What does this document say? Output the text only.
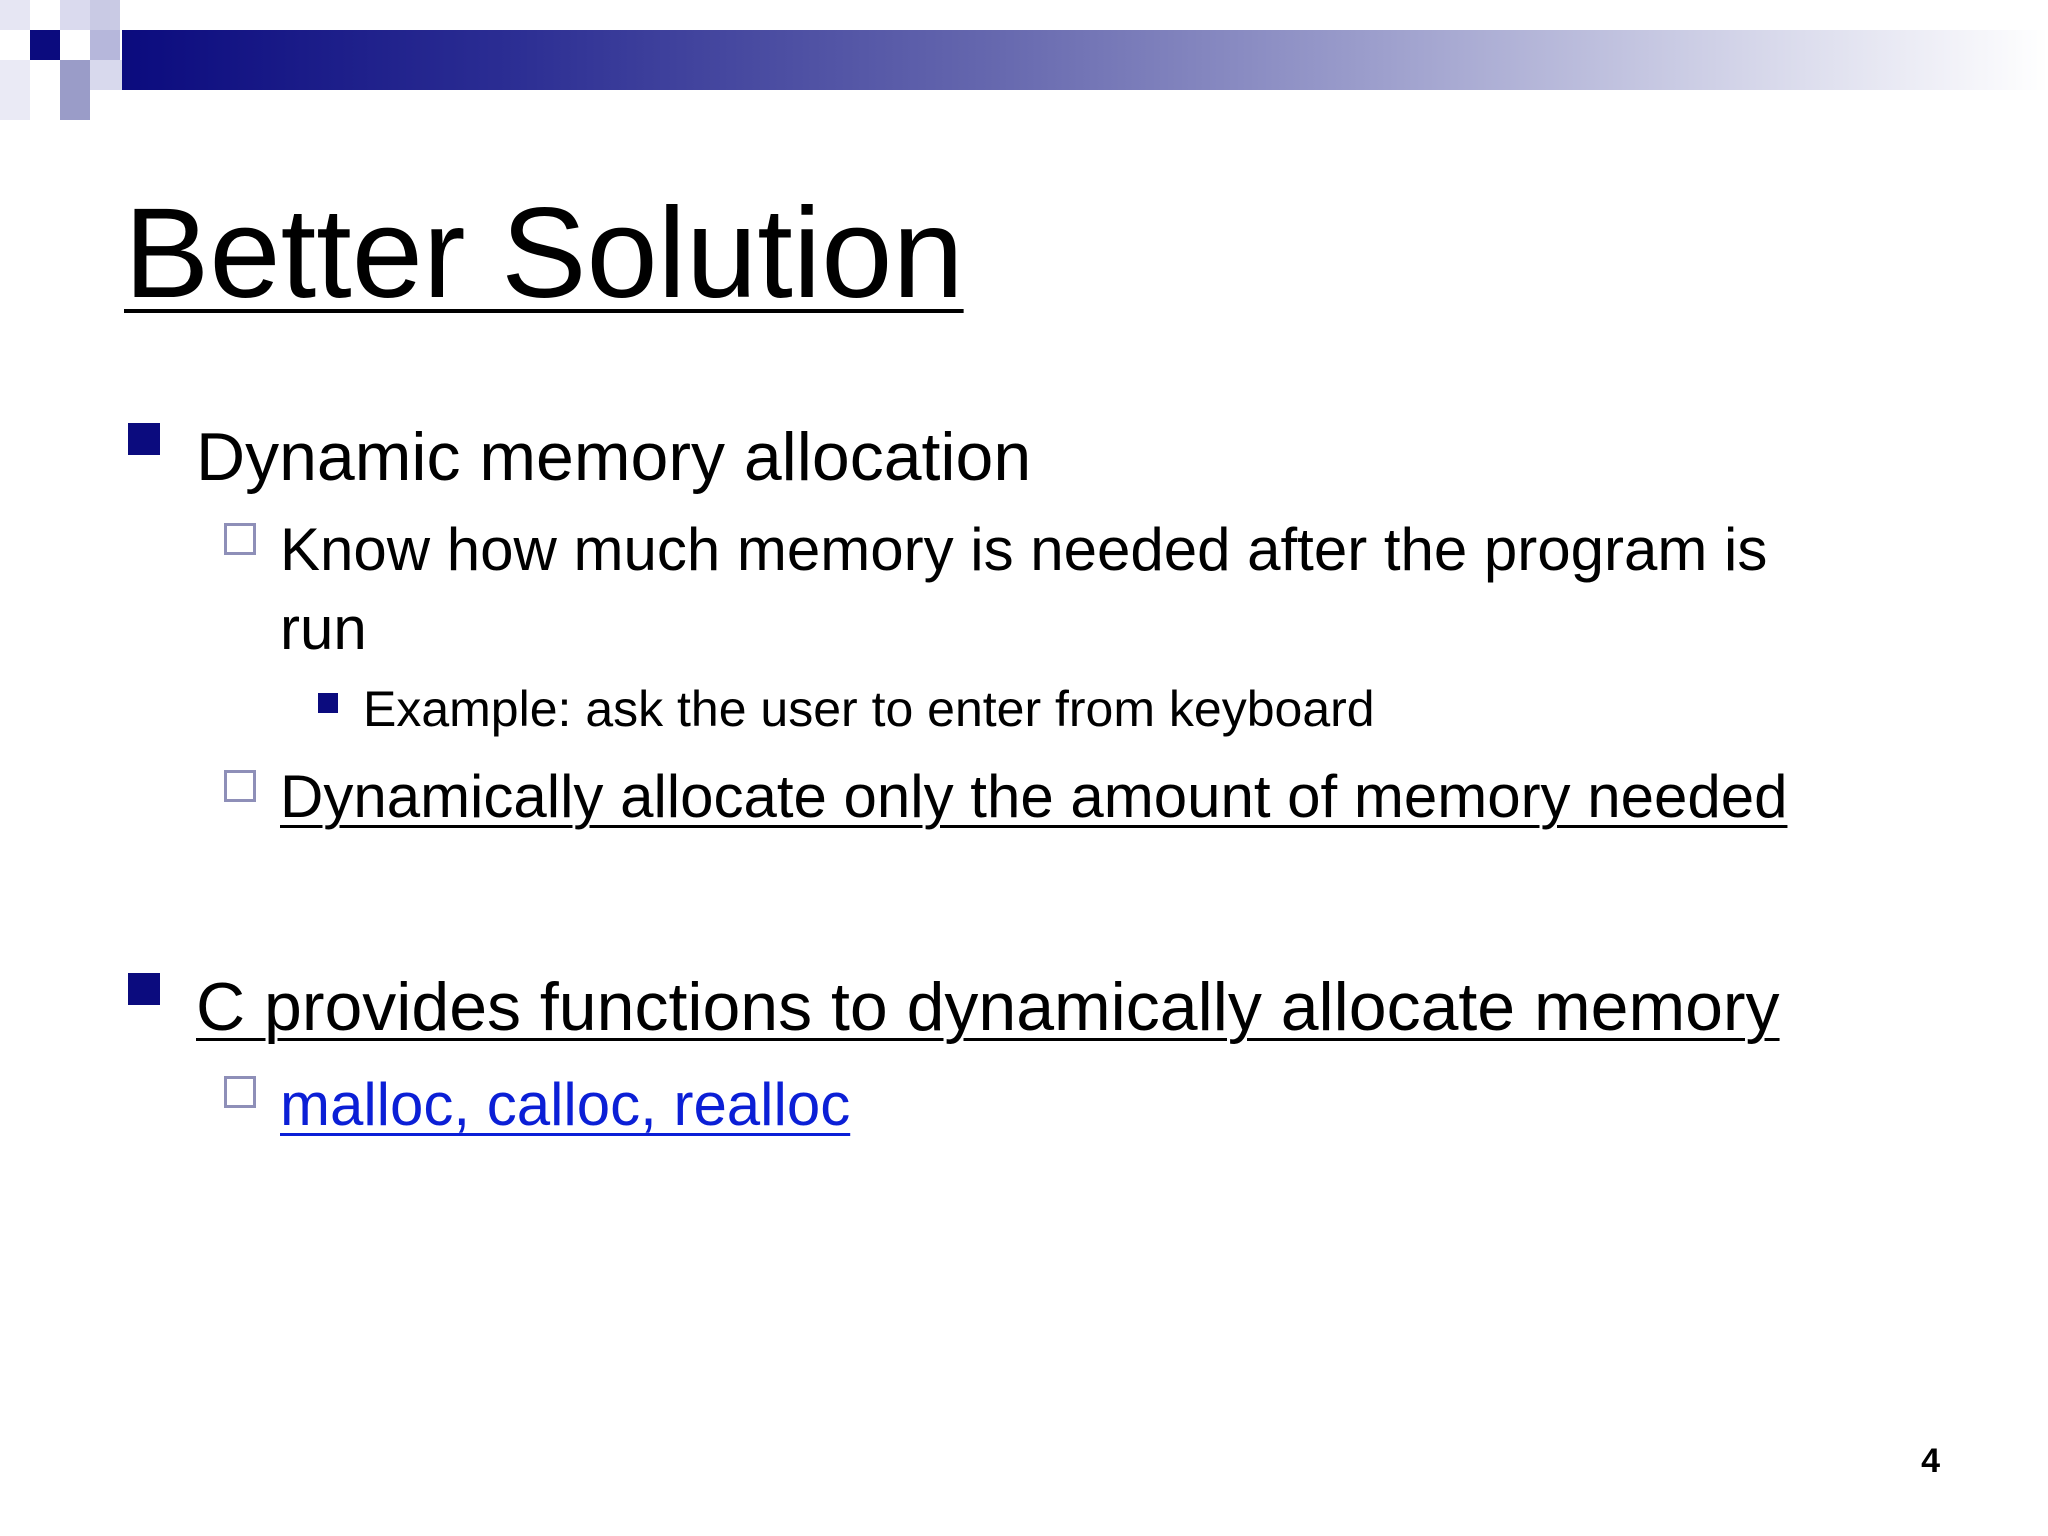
Better Solution
Dynamic memory allocation
Know how much memory is needed after the program is run
Example: ask the user to enter from keyboard
Dynamically allocate only the amount of memory needed
C provides functions to dynamically allocate memory
malloc, calloc, realloc
4
